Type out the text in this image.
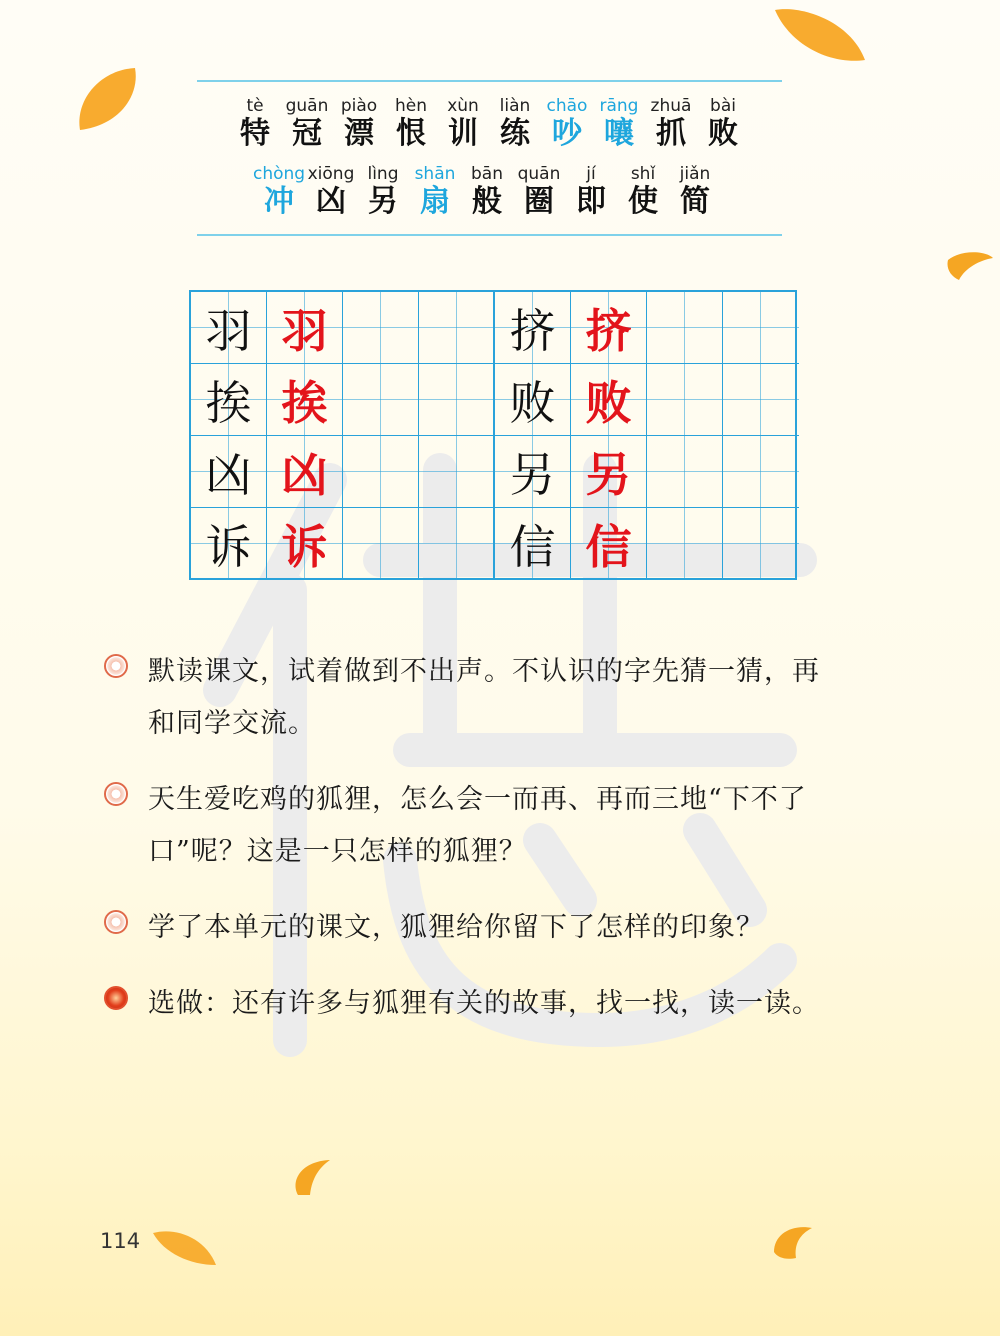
tè
特
guān
冠
piào
漂
hèn
恨
xùn
训
liàn
练
chāo
吵
rāng
嚷
zhuā
抓
bài
败
chòng
冲
xiōng
凶
lìng
另
shān
扇
bān
般
quān
圈
jí
即
shǐ
使
jiǎn
简
羽 羽	挤 挤
挨 挨	败 败
凶 凶	另 另
诉 诉	信 信
默读课文，试着做到不出声。不认识的字先猜一猜，再
和同学交流。
天生爱吃鸡的狐狸，怎么会一而再、再而三地“下不了
口”呢？这是一只怎样的狐狸？
学了本单元的课文，狐狸给你留下了怎样的印象？
选做：还有许多与狐狸有关的故事，找一找，读一读。
114
